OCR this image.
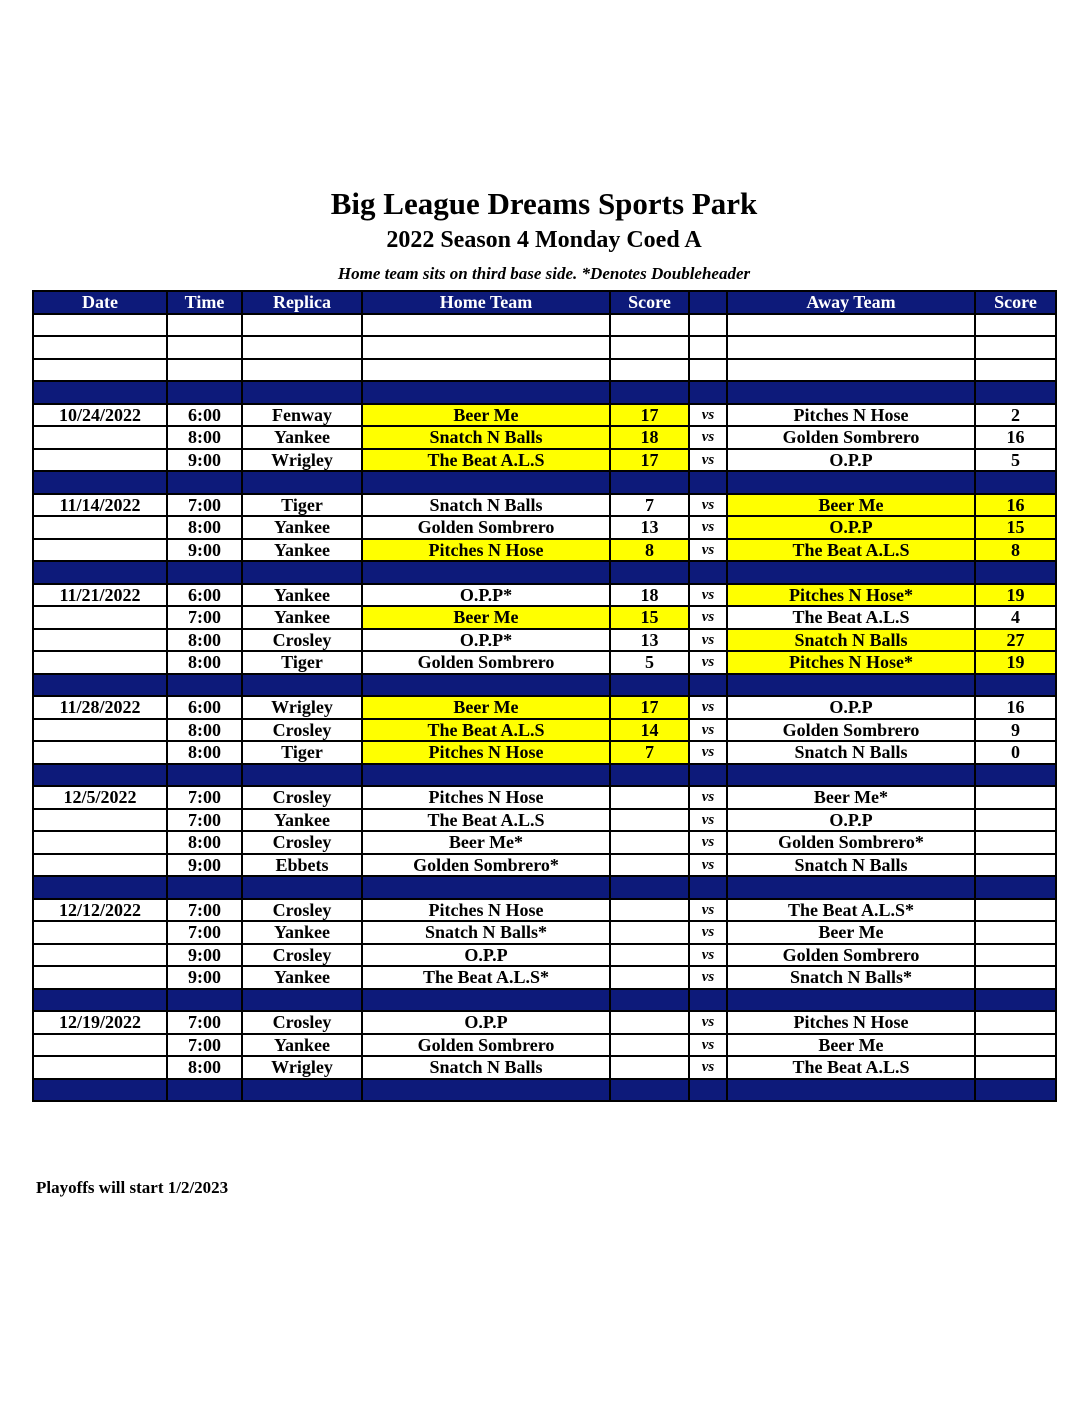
Big League Dreams Sports Park
2022 Season 4 Monday Coed A
Home team sits on third base side. *Denotes Doubleheader
Date	Time	Replica	Home Team	Score		Away Team	Score

10/24/2022	6:00	Fenway	Beer Me	17	vs	Pitches N Hose	2
	8:00	Yankee	Snatch N Balls	18	vs	Golden Sombrero	16
	9:00	Wrigley	The Beat A.L.S	17	vs	O.P.P	5

11/14/2022	7:00	Tiger	Snatch N Balls	7	vs	Beer Me	16
	8:00	Yankee	Golden Sombrero	13	vs	O.P.P	15
	9:00	Yankee	Pitches N Hose	8	vs	The Beat A.L.S	8

11/21/2022	6:00	Yankee	O.P.P*	18	vs	Pitches N Hose*	19
	7:00	Yankee	Beer Me	15	vs	The Beat A.L.S	4
	8:00	Crosley	O.P.P*	13	vs	Snatch N Balls	27
	8:00	Tiger	Golden Sombrero	5	vs	Pitches N Hose*	19

11/28/2022	6:00	Wrigley	Beer Me	17	vs	O.P.P	16
	8:00	Crosley	The Beat A.L.S	14	vs	Golden Sombrero	9
	8:00	Tiger	Pitches N Hose	7	vs	Snatch N Balls	0

12/5/2022	7:00	Crosley	Pitches N Hose		vs	Beer Me*	
	7:00	Yankee	The Beat A.L.S		vs	O.P.P	
	8:00	Crosley	Beer Me*		vs	Golden Sombrero*	
	9:00	Ebbets	Golden Sombrero*		vs	Snatch N Balls	

12/12/2022	7:00	Crosley	Pitches N Hose		vs	The Beat A.L.S*	
	7:00	Yankee	Snatch N Balls*		vs	Beer Me	
	9:00	Crosley	O.P.P		vs	Golden Sombrero	
	9:00	Yankee	The Beat A.L.S*		vs	Snatch N Balls*	

12/19/2022	7:00	Crosley	O.P.P		vs	Pitches N Hose	
	7:00	Yankee	Golden Sombrero		vs	Beer Me	
	8:00	Wrigley	Snatch N Balls		vs	The Beat A.L.S	

Playoffs will start 1/2/2023
